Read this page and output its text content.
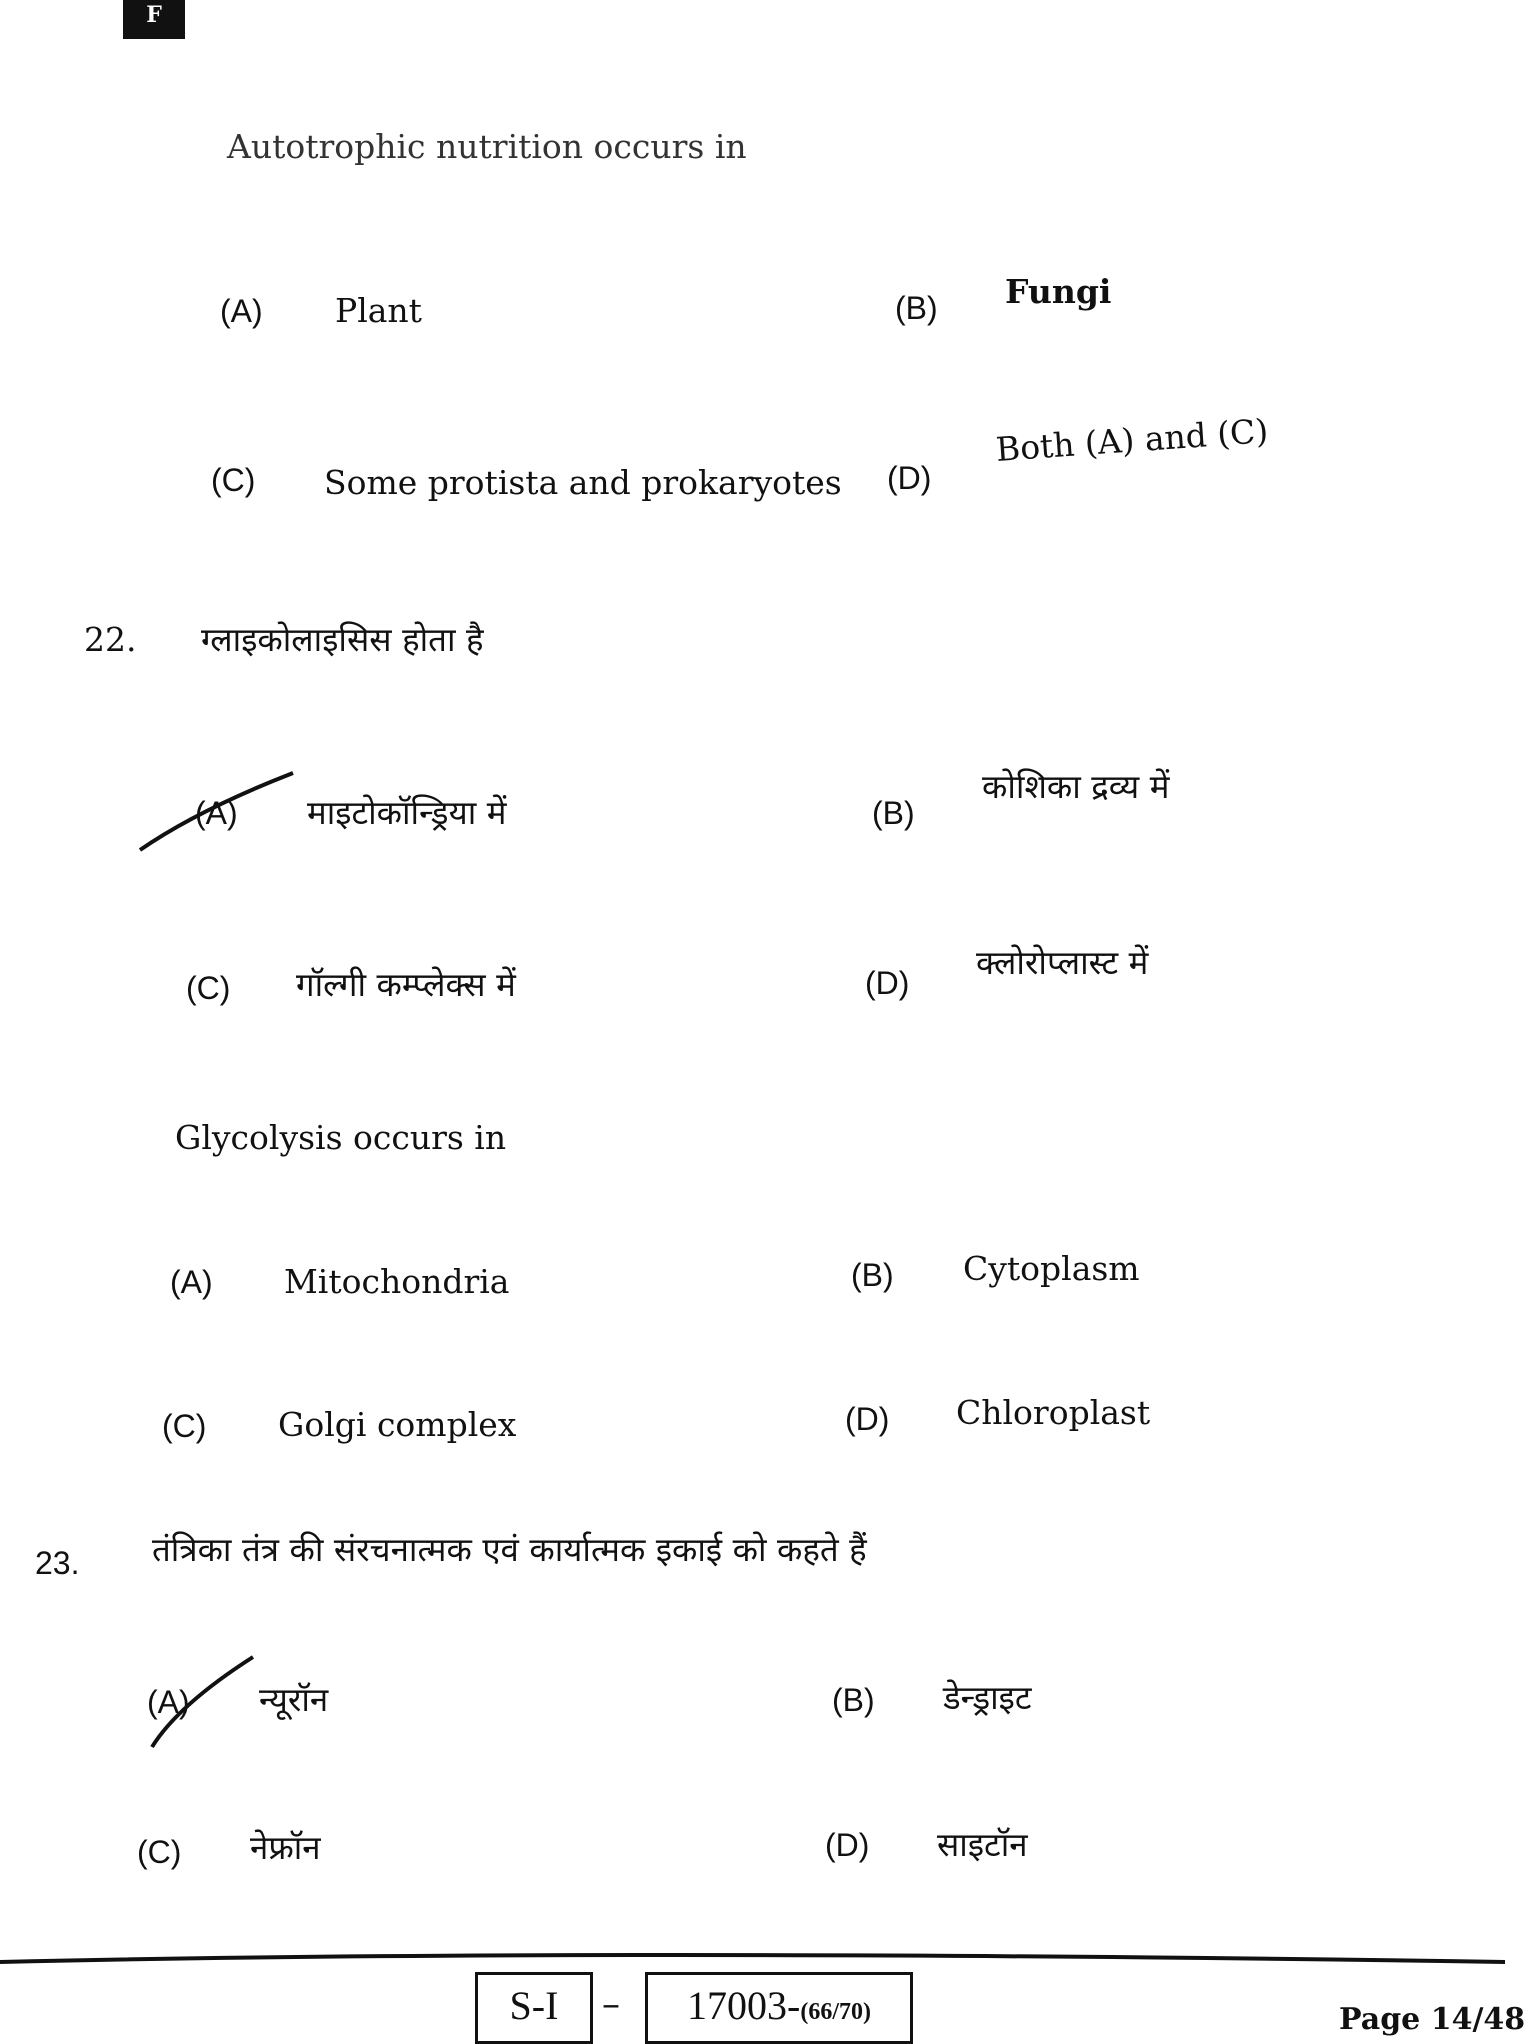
F
Autotrophic nutrition occurs in
(A) Plant	(B) Fungi
(C) Some protista and prokaryotes (D)
Both (A) and (C)
22. ग्लाइकोलाइसिस होता है
(A) माइटोकॉन्ड्रिया में	(B)
कोशिका द्रव्य में
(C) गॉल्गी कम्प्लेक्स में	(D)
क्लोरोप्लास्ट में
Glycolysis occurs in
(A) Mitochondria	(B) Cytoplasm
(C) Golgi complex	(D) Chloroplast
23. तंत्रिका तंत्र की संरचनात्मक एवं कार्यात्मक इकाई को कहते हैं
(A) न्यूरॉन	(B) डेन्ड्राइट
(C) नेफ्रॉन	(D) साइटॉन
S-I	–	17003-(66/70)	Page 14/48
